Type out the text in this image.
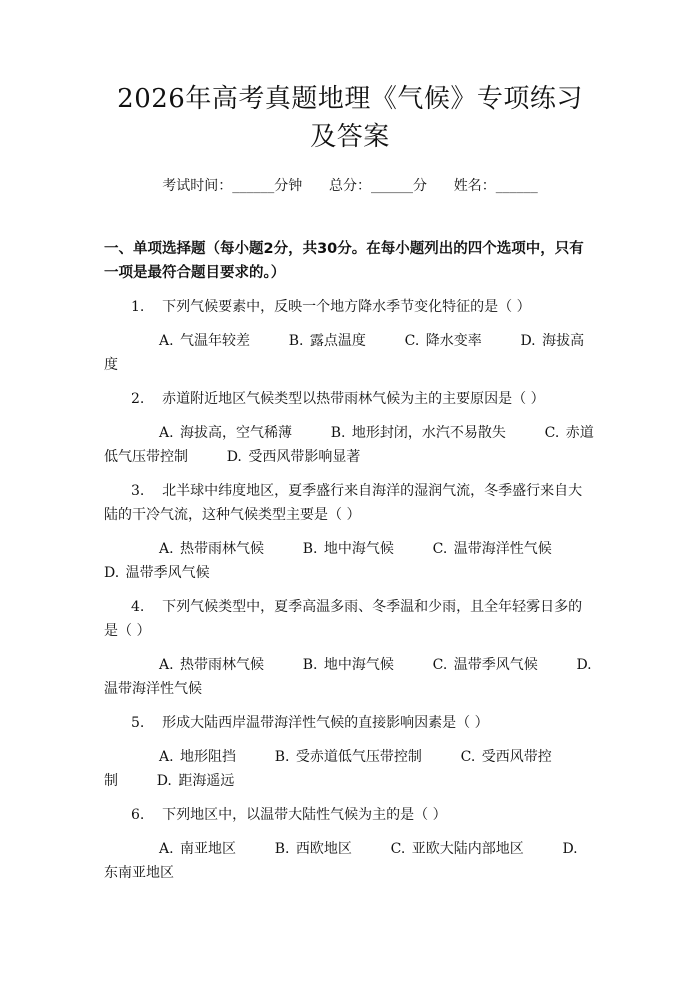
2026年高考真题地理《气候》专项练习及答案
考试时间：______分钟 总分：______分 姓名：______
一、单项选择题（每小题2分，共30分。在每小题列出的四个选项中，只有一项是最符合题目要求的。）
1. 下列气候要素中，反映一个地方降水季节变化特征的是（ ）
A. 气温年较差	B. 露点温度	C. 降水变率	D. 海拔高度
2. 赤道附近地区气候类型以热带雨林气候为主的主要原因是（ ）
A. 海拔高，空气稀薄	B. 地形封闭，水汽不易散失	C. 赤道低气压带控制	D. 受西风带影响显著
3. 北半球中纬度地区，夏季盛行来自海洋的湿润气流，冬季盛行来自大陆的干冷气流，这种气候类型主要是（ ）
A. 热带雨林气候	B. 地中海气候	C. 温带海洋性气候      D. 温带季风气候
4. 下列气候类型中，夏季高温多雨、冬季温和少雨，且全年轻雾日多的是（ ）
A. 热带雨林气候	B. 地中海气候	C. 温带季风气候	D. 温带海洋性气候
5. 形成大陆西岸温带海洋性气候的直接影响因素是（ ）
A. 地形阻挡	B. 受赤道低气压带控制	C. 受西风带控制	D. 距海遥远
6. 下列地区中，以温带大陆性气候为主的是（ ）
A. 南亚地区	B. 西欧地区	C. 亚欧大陆内部地区	D. 东南亚地区
